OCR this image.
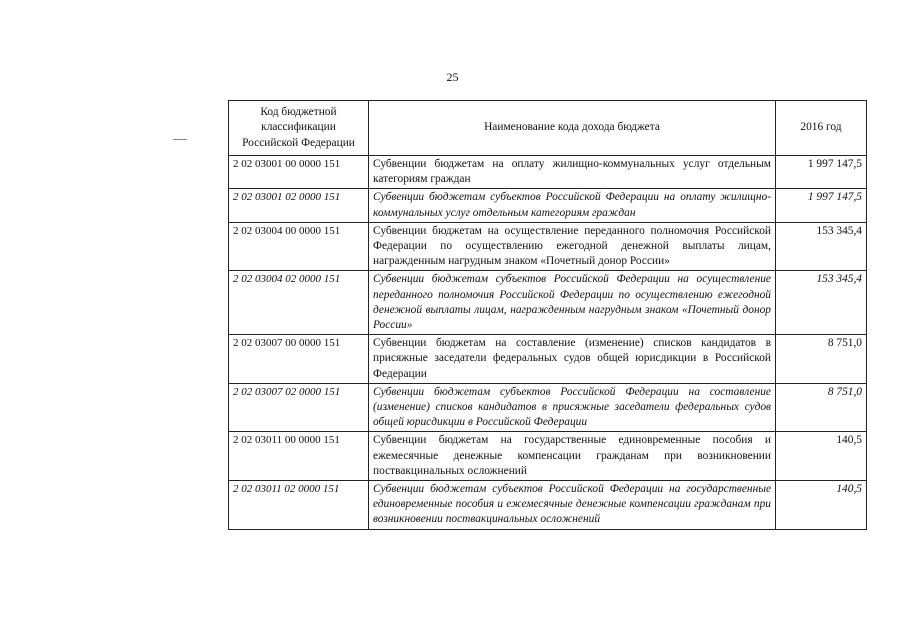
25
Код бюджетной классификации Российской Федерации	Наименование кода дохода бюджета	2016 год
2 02 03001 00 0000 151	Субвенции бюджетам на оплату жилищно-коммунальных услуг отдельным категориям граждан	1 997 147,5
2 02 03001 02 0000 151	Субвенции бюджетам субъектов Российской Федерации на оплату жилищно-коммунальных услуг отдельным категориям граждан	1 997 147,5
2 02 03004 00 0000 151	Субвенции бюджетам на осуществление переданного полномочия Российской Федерации по осуществлению ежегодной денежной выплаты лицам, награжденным нагрудным знаком «Почетный донор России»	153 345,4
2 02 03004 02 0000 151	Субвенции бюджетам субъектов Российской Федерации на осуществление переданного полномочия Российской Федерации по осуществлению ежегодной денежной выплаты лицам, награжденным нагрудным знаком «Почетный донор России»	153 345,4
2 02 03007 00 0000 151	Субвенции бюджетам на составление (изменение) списков кандидатов в присяжные заседатели федеральных судов общей юрисдикции в Российской Федерации	8 751,0
2 02 03007 02 0000 151	Субвенции бюджетам субъектов Российской Федерации на составление (изменение) списков кандидатов в присяжные заседатели федеральных судов общей юрисдикции в Российской Федерации	8 751,0
2 02 03011 00 0000 151	Субвенции бюджетам на государственные единовременные пособия и ежемесячные денежные компенсации гражданам при возникновении поствакцинальных осложнений	140,5
2 02 03011 02 0000 151	Субвенции бюджетам субъектов Российской Федерации на государственные единовременные пособия и ежемесячные денежные компенсации гражданам при возникновении поствакцинальных осложнений	140,5
